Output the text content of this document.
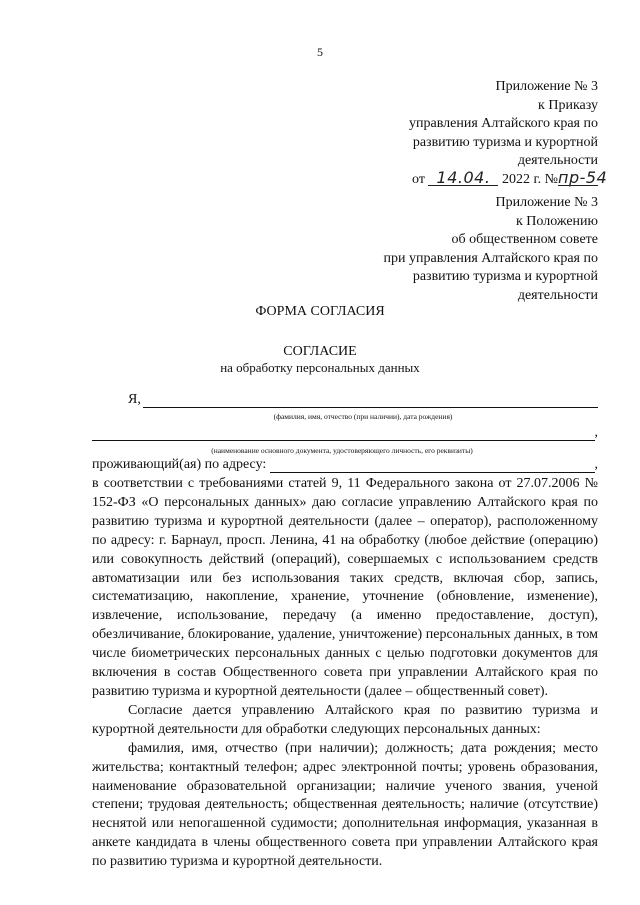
5
Приложение № 3
к Приказу
управления Алтайского края по
развитию туризма и курортной
деятельности
от 14.04. 2022 г. №пр-54
Приложение № 3
к Положению
об общественном совете
при управления Алтайского края по
развитию туризма и курортной
деятельности
ФОРМА СОГЛАСИЯ
СОГЛАСИЕ
на обработку персональных данных
Я,
(фамилия, имя, отчество (при наличии), дата рождения)
,
(наименование основного документа, удостоверяющего личность, его реквизиты)
проживающий(ая) по адресу:	,

в соответствии с требованиями статей 9, 11 Федерального закона от 27.07.2006 № 152-ФЗ «О персональных данных» даю согласие управлению Алтайского края по развитию туризма и курортной деятельности (далее – оператор), расположенному по адресу: г. Барнаул, просп. Ленина, 41 на обработку (любое действие (операцию) или совокупность действий (операций), совершаемых с использованием средств автоматизации или без использования таких средств, включая сбор, запись, систематизацию, накопление, хранение, уточнение (обновление, изменение), извлечение, использование, передачу (а именно предоставление, доступ), обезличивание, блокирование, удаление, уничтожение) персональных данных, в том числе биометрических персональных данных с целью подготовки документов для включения в состав Общественного совета при управлении Алтайского края по развитию туризма и курортной деятельности (далее – общественный совет).

Согласие дается управлению Алтайского края по развитию туризма и курортной деятельности для обработки следующих персональных данных:

фамилия, имя, отчество (при наличии); должность; дата рождения; место жительства; контактный телефон; адрес электронной почты; уровень образования, наименование образовательной организации; наличие ученого звания, ученой степени; трудовая деятельность; общественная деятельность; наличие (отсутствие) неснятой или непогашенной судимости; дополнительная информация, указанная в анкете кандидата в члены общественного совета при управлении Алтайского края по развитию туризма и курортной деятельности.
